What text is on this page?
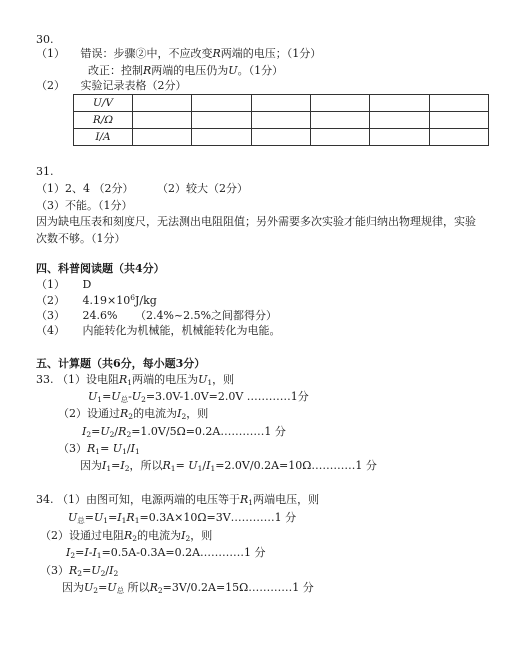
30.
（1） 错误：步骤②中，不应改变R两端的电压；（1分）
改正：控制R两端的电压仍为U。（1分）
（2） 实验记录表格（2分）
U/V						
R/Ω						
I/A						
31.
（1）2、4 （2分） （2）较大（2分）
（3）不能。（1分）
因为缺电压表和刻度尺，无法测出电阻阻值；另外需要多次实验才能归纳出物理规律，实验
次数不够。（1分）
四、科普阅读题（共4分）
（1） D
（2） $4.19\times 10^6J/kg$
（3） 24.6% （2.4%~2.5%之间都得分）
（4） 内能转化为机械能，机械能转化为电能。
五、计算题（共6分，每小题3分）
33. （1）设电阻$R_1$两端的电压为$U_1$，则
$U_1=U_总-U_2=3.0V-1.0V=2.0V$ …………1分
（2）设通过$R_2$的电流为$I_2$，则
$I_2=U_2/R_2=1.0V/5\Omega=0.2A\dots\dots\dots\dots 1$ 分
$(3)R_1= U_1/I_1$
因为$I_1=I_2$，所以$R_1=$ $U_1/I_1=2.0V/0.2A=10\Omega\dots\dots\dots\dots 1$ 分
34. （1）由图可知，电源两端的电压等于$R_1$两端电压，则
$U_总=U_1=I_1R_1=0.3A\times 10\Omega=3V\dots\dots\dots\dots 1$ 分
（2）设通过电阻$R_2$的电流为$I_2$，则
$I_2=I-I_1=0.5A-0.3A=0.2A\dots\dots\dots\dots 1$ 分
$(3)R_2=U_2/I_2$
因为$U_2=U_总$ 所以$R_2=3V/0.2A=15\Omega\dots\dots\dots\dots 1$ 分
